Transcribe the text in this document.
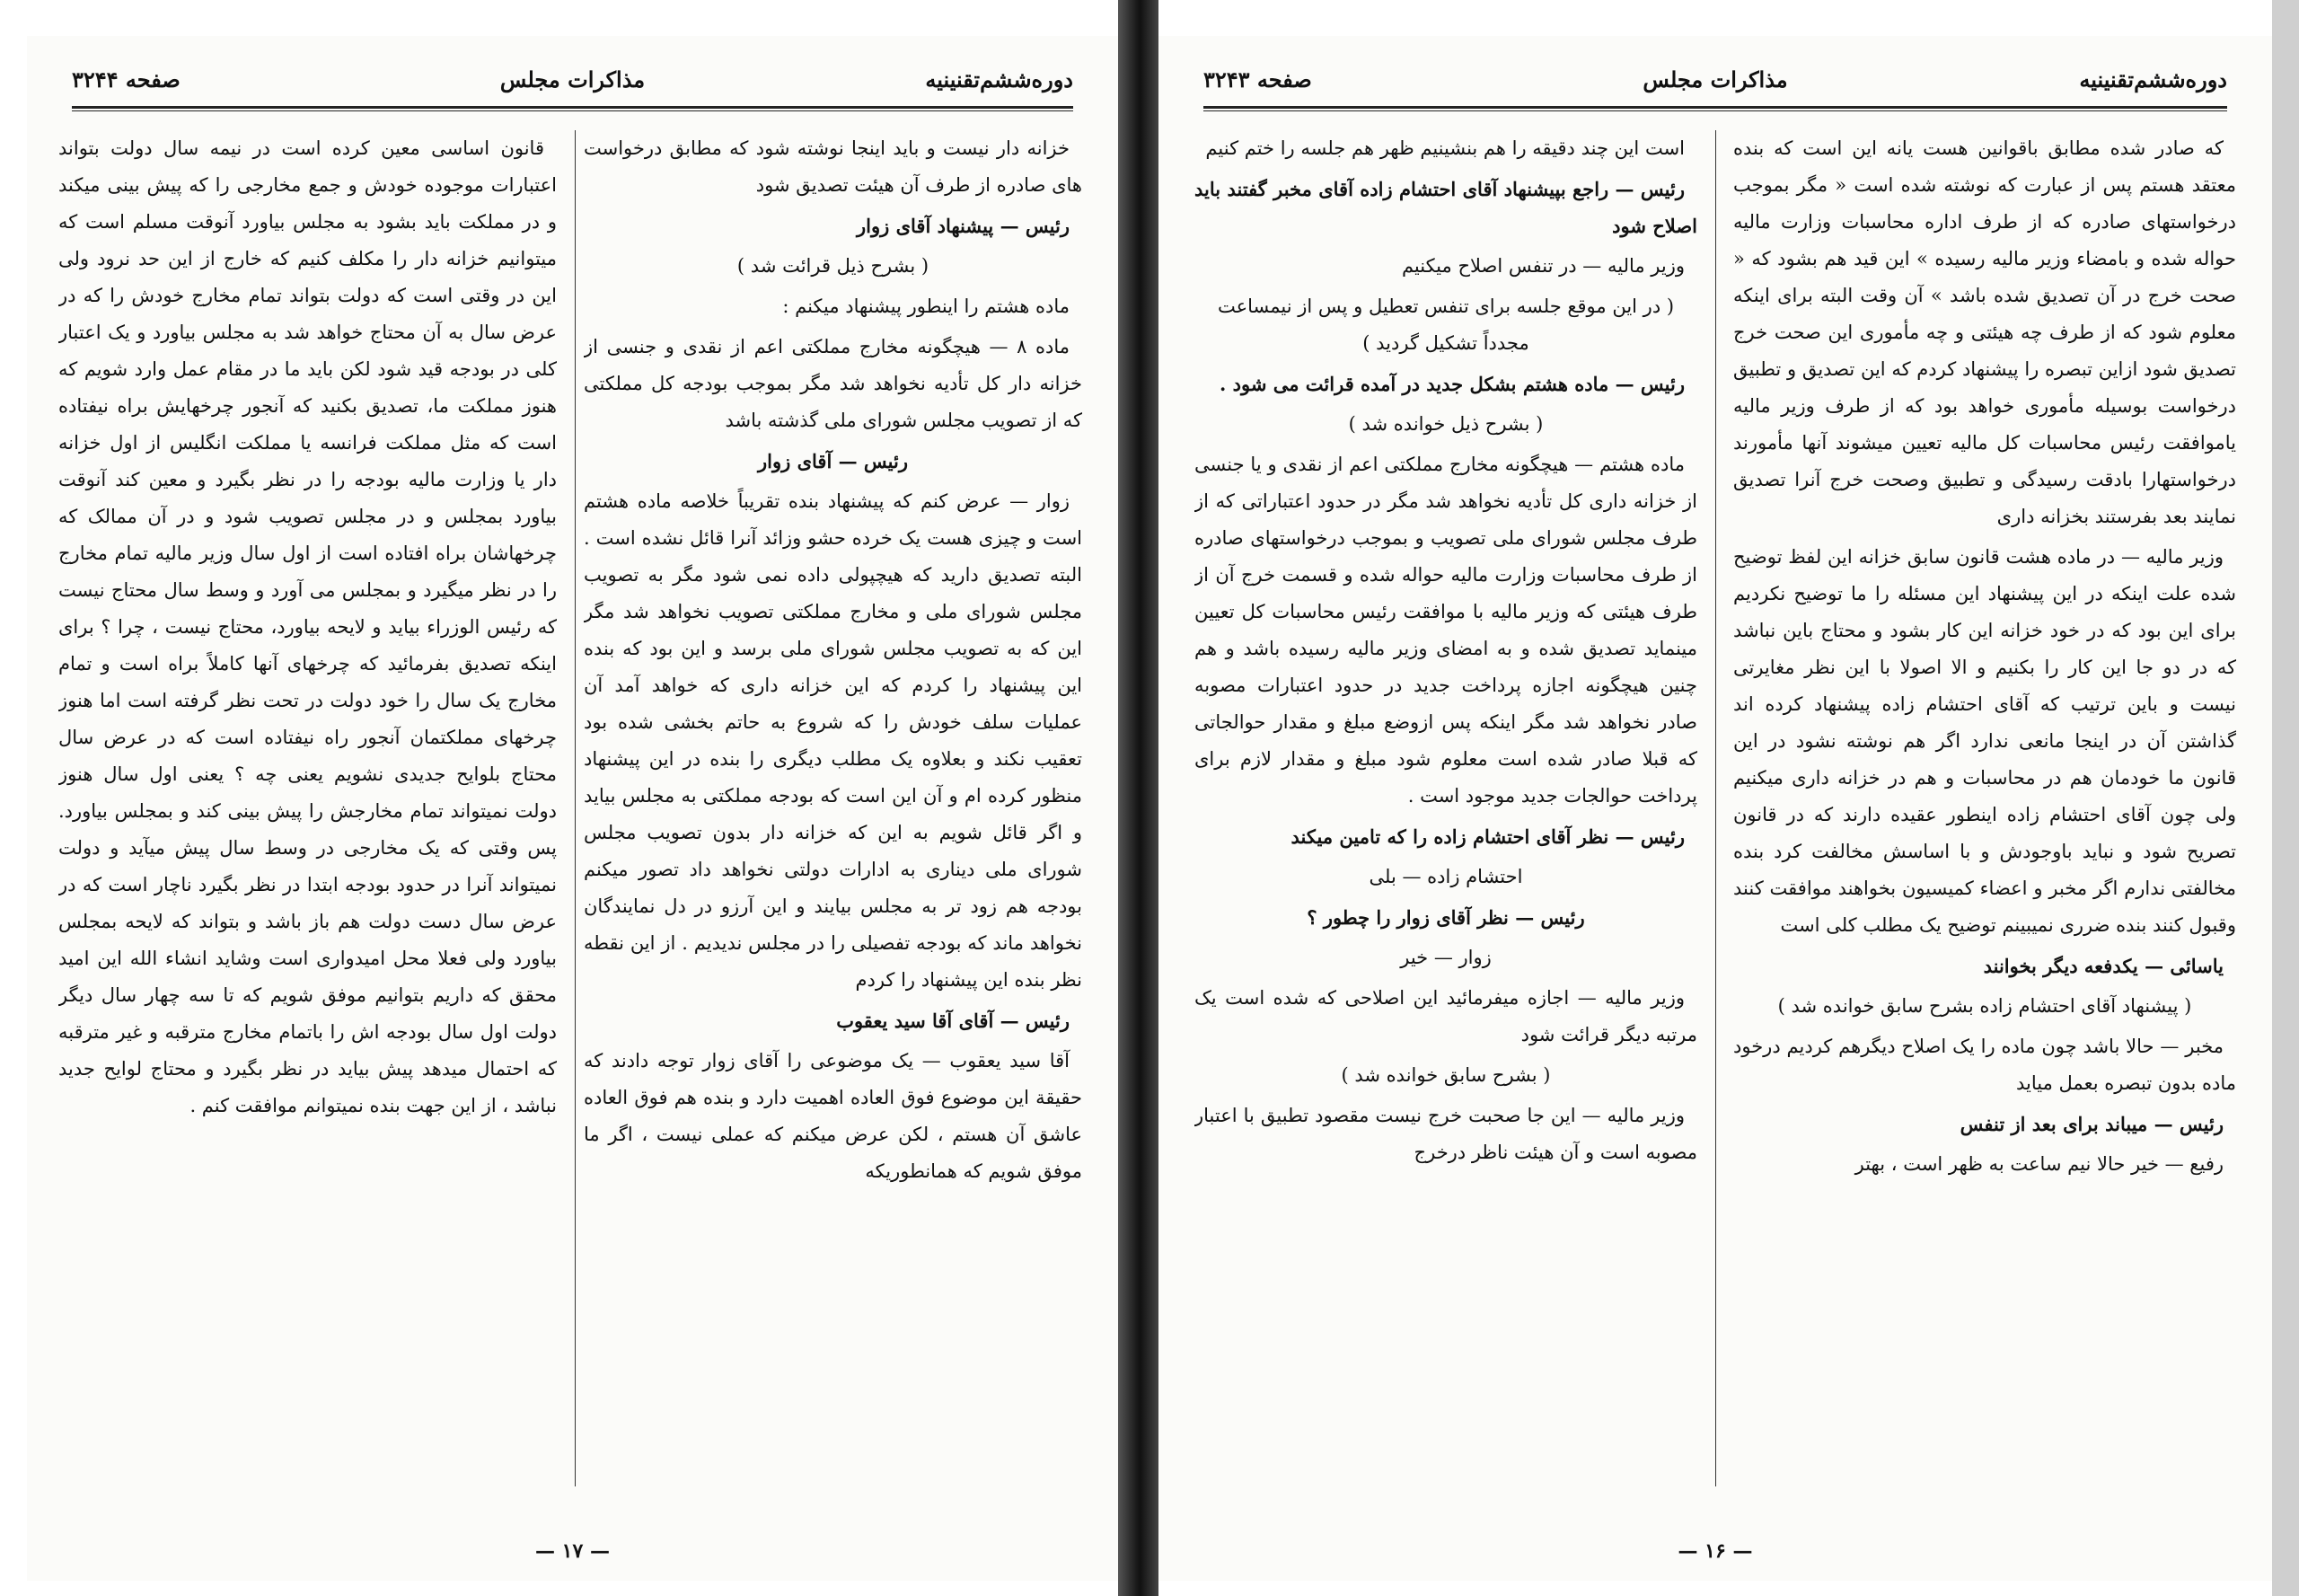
دوره‌ششم‌تقنینیه
مذاکرات مجلس
صفحه ۳۲۴۴

خزانه دار نیست و باید اینجا نوشته شود که مطابق درخواست های صادره از طرف آن هیئت تصدیق شود

رئیس — پیشنهاد آقای زوار

( بشرح ذیل قرائت شد )

ماده هشتم را اینطور پیشنهاد میکنم :

ماده ۸ — هیچگونه مخارج مملکتی اعم از نقدی و جنسی از خزانه دار کل تأدیه نخواهد شد مگر بموجب بودجه کل مملکتی که از تصویب مجلس شورای ملی گذشته باشد

رئیس — آقای زوار

زوار — عرض کنم که پیشنهاد بنده تقریباً خلاصه ماده هشتم است و چیزی هست یک خرده حشو وزائد آنرا قائل نشده است . البته تصدیق دارید که هیچپولی داده نمی شود مگر به تصویب مجلس شورای ملی و مخارج مملکتی تصویب نخواهد شد مگر این که به تصویب مجلس شورای ملی برسد و این بود که بنده این پیشنهاد را کردم که این خزانه داری که خواهد آمد آن عملیات سلف خودش را که شروع به حاتم بخشی شده بود تعقیب نکند و بعلاوه یک مطلب دیگری را بنده در این پیشنهاد منظور کرده ام و آن این است که بودجه مملکتی به مجلس بیاید و اگر قائل شویم به این که خزانه دار بدون تصویب مجلس شورای ملی دیناری به ادارات دولتی نخواهد داد تصور میکنم بودجه هم زود تر به مجلس بیایند و این آرزو در دل نمایندگان نخواهد ماند که بودجه تفصیلی را در مجلس ندیدیم . از این نقطه نظر بنده این پیشنهاد را کردم

رئیس — آقای آقا سید یعقوب

آقا سید یعقوب — یک موضوعی را آقای زوار توجه دادند که حقیقة این موضوع فوق العاده اهمیت دارد و بنده هم فوق العاده عاشق آن هستم ، لکن عرض میکنم که عملی نیست ، اگر ما موفق شویم که همانطوریکه

قانون اساسی معین کرده است در نیمه سال دولت بتواند اعتبارات موجوده خودش و جمع مخارجی را که پیش بینی میکند و در مملکت باید بشود به مجلس بیاورد آنوقت مسلم است که میتوانیم خزانه دار را مکلف کنیم که خارج از این حد نرود ولی این در وقتی است که دولت بتواند تمام مخارج خودش را که در عرض سال به آن محتاج خواهد شد به مجلس بیاورد و یک اعتبار کلی در بودجه قید شود لکن باید ما در مقام عمل وارد شویم که هنوز مملکت ما، تصدیق بکنید که آنجور چرخهایش براه نیفتاده است که مثل مملکت فرانسه یا مملکت انگلیس از اول خزانه دار یا وزارت مالیه بودجه را در نظر بگیرد و معین کند آنوقت بیاورد بمجلس و در مجلس تصویب شود و در آن ممالک که چرخهاشان براه افتاده است از اول سال وزیر مالیه تمام مخارج را در نظر میگیرد و بمجلس می آورد و وسط سال محتاج نیست که رئیس الوزراء بیاید و لایحه بیاورد، محتاج نیست ، چرا ؟ برای اینکه تصدیق بفرمائید که چرخهای آنها کاملاً براه است و تمام مخارج یک سال را خود دولت در تحت نظر گرفته است اما هنوز چرخهای مملکتمان آنجور راه نیفتاده است که در عرض سال محتاج بلوایح جدیدی نشویم یعنی چه ؟ یعنی اول سال هنوز دولت نمیتواند تمام مخارجش را پیش بینی کند و بمجلس بیاورد. پس وقتی که یک مخارجی در وسط سال پیش میآید و دولت نمیتواند آنرا در حدود بودجه ابتدا در نظر بگیرد ناچار است که در عرض سال دست دولت هم باز باشد و بتواند که لایحه بمجلس بیاورد ولی فعلا محل امیدواری است وشاید انشاء الله این امید محقق که داریم بتوانیم موفق شویم که تا سه چهار سال دیگر دولت اول سال بودجه اش را باتمام مخارج مترقبه و غیر مترقبه که احتمال میدهد پیش بیاید در نظر بگیرد و محتاج لوایح جدید نباشد ، از این جهت بنده نمیتوانم موافقت کنم .

— ۱۷ —
دوره‌ششم‌تقنینیه
مذاکرات مجلس
صفحه ۳۲۴۳

که صادر شده مطابق باقوانین هست یانه این است که بنده معتقد هستم پس از عبارت که نوشته شده است « مگر بموجب درخواستهای صادره که از طرف اداره محاسبات وزارت مالیه حواله شده و بامضاء وزیر مالیه رسیده » این قید هم بشود که « صحت خرج در آن تصدیق شده باشد » آن وقت البته برای اینکه معلوم شود که از طرف چه هیئتی و چه مأموری این صحت خرج تصدیق شود ازاین تبصره را پیشنهاد کردم که این تصدیق و تطبیق درخواست بوسیله مأموری خواهد بود که از طرف وزیر مالیه یاموافقت رئیس محاسبات کل مالیه تعیین میشوند آنها مأمورند درخواستهارا بادقت رسیدگی و تطبیق وصحت خرج آنرا تصدیق نمایند بعد بفرستند بخزانه داری

وزیر مالیه — در ماده هشت قانون سابق خزانه این لفظ توضیح شده علت اینکه در این پیشنهاد این مسئله را ما توضیح نکردیم برای این بود که در خود خزانه این کار بشود و محتاج باین نباشد که در دو جا این کار را بکنیم و الا اصولا با این نظر مغایرتی نیست و باین ترتیب که آقای احتشام زاده پیشنهاد کرده اند گذاشتن آن در اینجا مانعی ندارد اگر هم نوشته نشود در این قانون ما خودمان هم در محاسبات و هم در خزانه داری میکنیم ولی چون آقای احتشام زاده اینطور عقیده دارند که در قانون تصریح شود و نباید باوجودش و با اساسش مخالفت کرد بنده مخالفتی ندارم اگر مخبر و اعضاء کمیسیون بخواهند موافقت کنند وقبول کنند بنده ضرری نمیبینم توضیح یک مطلب کلی است

یاسائی — یکدفعه دیگر بخوانند

( پیشنهاد آقای احتشام زاده بشرح سابق خوانده شد )

مخبر — حالا باشد چون ماده را یک اصلاح دیگرهم کردیم درخود ماده بدون تبصره بعمل میاید

رئیس — میباند برای بعد از تنفس

رفیع — خیر حالا نیم ساعت به ظهر است ، بهتر

است این چند دقیقه را هم بنشینیم ظهر هم جلسه را ختم کنیم

رئیس — راجع بپیشنهاد آقای احتشام زاده آقای مخبر گفتند باید اصلاح شود

وزیر مالیه — در تنفس اصلاح میکنیم

( در این موقع جلسه برای تنفس تعطیل و پس از نیمساعت مجدداً تشکیل گردید )

رئیس — ماده هشتم بشکل جدید در آمده قرائت می شود .

( بشرح ذیل خوانده شد )

ماده هشتم — هیچگونه مخارج مملکتی اعم از نقدی و یا جنسی از خزانه داری کل تأدیه نخواهد شد مگر در حدود اعتباراتی که از طرف مجلس شورای ملی تصویب و بموجب درخواستهای صادره از طرف محاسبات وزارت مالیه حواله شده و قسمت خرج آن از طرف هیئتی که وزیر مالیه با موافقت رئیس محاسبات کل تعیین مینماید تصدیق شده و به امضای وزیر مالیه رسیده باشد و هم چنین هیچگونه اجازه پرداخت جدید در حدود اعتبارات مصوبه صادر نخواهد شد مگر اینکه پس ازوضع مبلغ و مقدار حوالجاتی که قبلا صادر شده است معلوم شود مبلغ و مقدار لازم برای پرداخت حوالجات جدید موجود است .

رئیس — نظر آقای احتشام زاده را که تامین میکند

احتشام زاده — بلی

رئیس — نظر آقای زوار را چطور ؟

زوار — خیر

وزیر مالیه — اجازه میفرمائید این اصلاحی که شده است یک مرتبه دیگر قرائت شود

( بشرح سابق خوانده شد )

وزیر مالیه — این جا صحبت خرج نیست مقصود تطبیق با اعتبار مصوبه است و آن هیئت ناظر درخرج

— ۱۶ —
